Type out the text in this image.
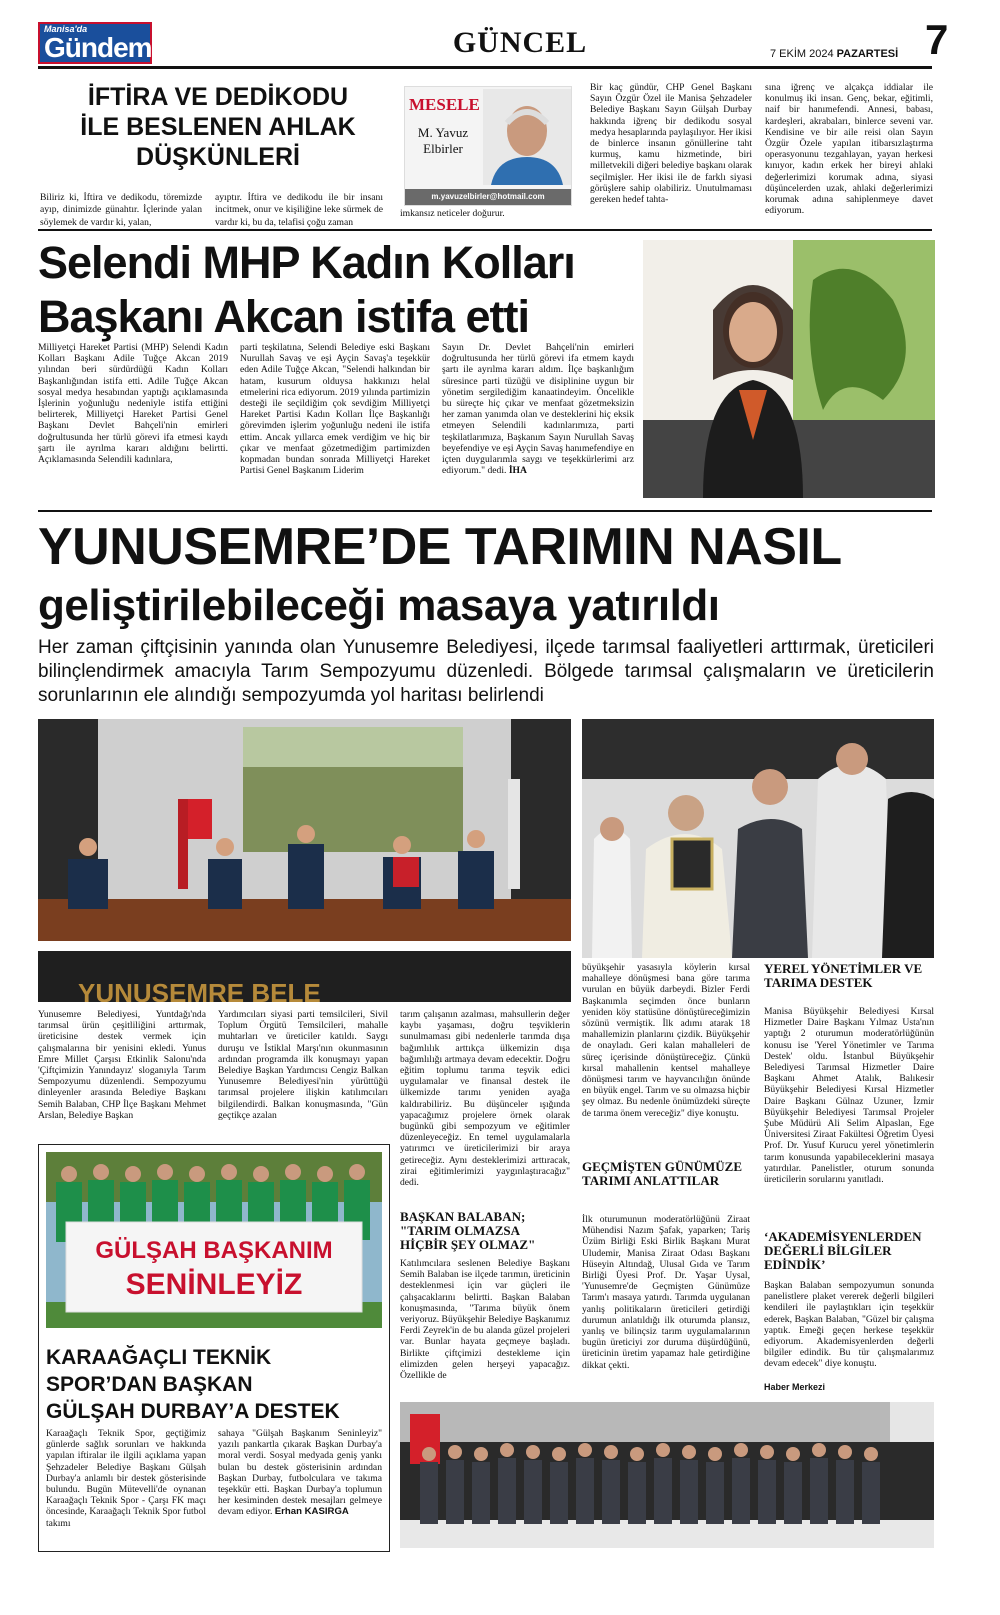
Manisa'da
Gündem	GÜNCEL	7 EKİM 2024 PAZARTESİ 7
İFTİRA VE DEDİKODU
İLE BESLENEN AHLAK
DÜŞKÜNLERİ
Biliriz ki, İftira ve dedikodu, töremizde ayıp, dinimizde günahtır. İçlerinde yalan söylemek de vardır ki, yalan,
ayıptır. İftira ve dedikodu ile bir insanı incitmek, onur ve kişiliğine leke sürmek de vardır ki, bu da, telafisi çoğu zaman
MESELE
M. Yavuz
Elbirler
m.yavuzelbirler@hotmail.com
imkansız neticeler doğurur.
Bir kaç gündür, CHP Genel Başkanı Sayın Özgür Özel ile Manisa Şehzadeler Belediye Başkanı Sayın Gülşah Durbay hakkında iğrenç bir dedikodu sosyal medya hesaplarında paylaşılıyor. Her ikisi de binlerce insanın gönüllerine taht kurmuş, kamu hizmetinde, biri milletvekili diğeri belediye başkanı olarak seçilmişler. Her ikisi ile de farklı siyasi görüşlere sahip olabiliriz. Unutulmaması gereken hedef tahta-
sına iğrenç ve alçakça iddialar ile konulmuş iki insan. Genç, bekar, eğitimli, naif bir hanımefendi. Annesi, babası, kardeşleri, akrabaları, binlerce seveni var. Kendisine ve bir aile reisi olan Sayın Özgür Özele yapılan itibarsızlaştırma operasyonunu tezgahlayan, yayan herkesi kınıyor, kadın erkek her bireyi ahlaki değerlerimizi korumak adına, siyasi düşüncelerden uzak, ahlaki değerlerimizi korumak adına sahiplenmeye davet ediyorum.
Selendi MHP Kadın Kolları
Başkanı Akcan istifa etti
Milliyetçi Hareket Partisi (MHP) Selendi Kadın Kolları Başkanı Adile Tuğçe Akcan 2019 yılından beri sürdürdüğü Kadın Kolları Başkanlığından istifa etti. Adile Tuğçe Akcan sosyal medya hesabından yaptığı açıklamasında İşlerinin yoğunluğu nedeniyle istifa ettiğini belirterek, Milliyetçi Hareket Partisi Genel Başkanı Devlet Bahçeli'nin emirleri doğrultusunda her türlü görevi ifa etmesi kaydı şartı ile ayrılma kararı aldığını belirtti. Açıklamasında Selendili kadınlara,
parti teşkilatına, Selendi Belediye eski Başkanı Nurullah Savaş ve eşi Ayçin Savaş'a teşekkür eden Adile Tuğçe Akcan, "Selendi halkından bir hatam, kusurum olduysa hakkınızı helal etmelerini rica ediyorum. 2019 yılında partimizin desteği ile seçildiğim çok sevdiğim Milliyetçi Hareket Partisi Kadın Kolları İlçe Başkanlığı görevimden işlerim yoğunluğu nedeni ile istifa ettim. Ancak yıllarca emek verdiğim ve hiç bir çıkar ve menfaat gözetmediğim partimizden kopmadan bundan sonrada Milliyetçi Hareket Partisi Genel Başkanım Liderim
Sayın Dr. Devlet Bahçeli'nin emirleri doğrultusunda her türlü görevi ifa etmem kaydı şartı ile ayrılma kararı aldım. İlçe başkanlığım süresince parti tüzüğü ve disiplinine uygun bir yönetim sergilediğim kanaatindeyim. Öncelikle bu süreçte hiç çıkar ve menfaat gözetmeksizin her zaman yanımda olan ve desteklerini hiç eksik etmeyen Selendili kadınlarımıza, parti teşkilatlarımıza, Başkanım Sayın Nurullah Savaş beyefendiye ve eşi Ayçin Savaş hanımefendiye en içten duygularımla saygı ve teşekkürlerimi arz ediyorum." dedi. İHA
YUNUSEMRE’DE TARIMIN NASIL
geliştirilebileceği masaya yatırıldı
Her zaman çiftçisinin yanında olan Yunusemre Belediyesi, ilçede tarımsal faaliyetleri arttırmak, üreticileri bilinçlendirmek amacıyla Tarım Sempozyumu düzenledi. Bölgede tarımsal çalışmaların ve üreticilerin sorunlarının ele alındığı sempozyumda yol haritası belirlendi
YUNUSEMRE BELE
Yunusemre Belediyesi, Yuntdağı'nda tarımsal ürün çeşitliliğini arttırmak, üreticisine destek vermek için çalışmalarına bir yenisini ekledi. Yunus Emre Millet Çarşısı Etkinlik Salonu'nda 'Çiftçimizin Yanındayız' sloganıyla Tarım Sempozyumu düzenlendi. Sempozyumu dinleyenler arasında Belediye Başkanı Semih Balaban, CHP İlçe Başkanı Mehmet Arslan, Belediye Başkan
Yardımcıları siyasi parti temsilcileri, Sivil Toplum Örgütü Temsilcileri, mahalle muhtarları ve üreticiler katıldı. Saygı duruşu ve İstiklal Marşı'nın okunmasının ardından programda ilk konuşmayı yapan Belediye Başkan Yardımcısı Cengiz Balkan Yunusemre Belediyesi'nin yürüttüğü tarımsal projelere ilişkin katılımcıları bilgilendirdi. Balkan konuşmasında, "Gün geçtikçe azalan
tarım çalışanın azalması, mahsullerin değer kaybı yaşaması, doğru teşviklerin sunulmaması gibi nedenlerle tarımda dışa bağımlılık arttıkça ülkemizin dışa bağımlılığı artmaya devam edecektir. Doğru eğitim toplumu tarıma teşvik edici uygulamalar ve finansal destek ile ülkemizde tarımı yeniden ayağa kaldırabiliriz. Bu düşünceler ışığında yapacağımız projelere örnek olarak bugünkü gibi sempozyum ve eğitimler düzenleyeceğiz. En temel uygulamalarla yatırımcı ve üreticilerimizi bir araya getireceğiz. Aynı desteklerimizi arttıracak, zirai eğitimlerimizi yaygınlaştıracağız" dedi.
BAŞKAN BALABAN; "TARIM OLMAZSA HİÇBİR ŞEY OLMAZ"
Katılımcılara seslenen Belediye Başkanı Semih Balaban ise ilçede tarımın, üreticinin desteklenmesi için var güçleri ile çalışacaklarını belirtti. Başkan Balaban konuşmasında, "Tarıma büyük önem veriyoruz. Büyükşehir Belediye Başkanımız Ferdi Zeyrek'in de bu alanda güzel projeleri var. Bunlar hayata geçmeye başladı. Birlikte çiftçimizi destekleme için elimizden gelen herşeyi yapacağız. Özellikle de
büyükşehir yasasıyla köylerin kırsal mahalleye dönüşmesi bana göre tarıma vurulan en büyük darbeydi. Bizler Ferdi Başkanımla seçimden önce bunların yeniden köy statüsüne dönüştüreceğimizin sözünü vermiştik. İlk adımı atarak 18 mahallemizin planlarını çizdik. Büyükşehir de onayladı. Geri kalan mahalleleri de süreç içerisinde dönüştüreceğiz. Çünkü kırsal mahallenin kentsel mahalleye dönüşmesi tarım ve hayvancılığın önünde en büyük engel. Tarım ve su olmazsa hiçbir şey olmaz. Bu nedenle önümüzdeki süreçte de tarıma önem vereceğiz" diye konuştu.
GEÇMİŞTEN GÜNÜMÜZE TARIMI ANLATTILAR
İlk oturumunun moderatörlüğünü Ziraat Mühendisi Nazım Şafak, yaparken; Tariş Üzüm Birliği Eski Birlik Başkanı Murat Uludemir, Manisa Ziraat Odası Başkanı Hüseyin Altındağ, Ulusal Gıda ve Tarım Birliği Üyesi Prof. Dr. Yaşar Uysal, 'Yunusemre'de Geçmişten Günümüze Tarım'ı masaya yatırdı. Tarımda uygulanan yanlış politikaların üreticileri getirdiği durumun anlatıldığı ilk oturumda plansız, yanlış ve bilinçsiz tarım uygulamalarının bugün üreticiyi zor duruma düşürdüğünü, üreticinin üretim yapamaz hale getirdiğine dikkat çekti.
YEREL YÖNETİMLER VE TARIMA DESTEK
Manisa Büyükşehir Belediyesi Kırsal Hizmetler Daire Başkanı Yılmaz Usta'nın yaptığı 2 oturumun moderatörlüğünün konusu ise 'Yerel Yönetimler ve Tarıma Destek' oldu. İstanbul Büyükşehir Belediyesi Tarımsal Hizmetler Daire Başkanı Ahmet Atalık, Balıkesir Büyükşehir Belediyesi Kırsal Hizmetler Daire Başkanı Gülnaz Uzuner, İzmir Büyükşehir Belediyesi Tarımsal Projeler Şube Müdürü Ali Selim Alpaslan, Ege Üniversitesi Ziraat Fakültesi Öğretim Üyesi Prof. Dr. Yusuf Kurucu yerel yönetimlerin tarım konusunda yapabileceklerini masaya yatırdılar. Panelistler, oturum sonunda üreticilerin sorularını yanıtladı.
‘AKADEMİSYENLERDEN DEĞERLİ BİLGİLER EDİNDİK’
Başkan Balaban sempozyumun sonunda panelistlere plaket vererek değerli bilgileri kendileri ile paylaştıkları için teşekkür ederek, Başkan Balaban, "Güzel bir çalışma yaptık. Emeği geçen herkese teşekkür ediyorum. Akademisyenlerden değerli bilgiler edindik. Bu tür çalışmalarımız devam edecek" diye konuştu.
Haber Merkezi
GÜLŞAH BAŞKANIM
SENİNLEYİZ
KARAAĞAÇLI TEKNİK
SPOR’DAN BAŞKAN
GÜLŞAH DURBAY’A DESTEK
Karaağaçlı Teknik Spor, geçtiğimiz günlerde sağlık sorunları ve hakkında yapılan iftiralar ile ilgili açıklama yapan Şehzadeler Belediye Başkanı Gülşah Durbay'a anlamlı bir destek gösterisinde bulundu. Bugün Mütevelli'de oynanan Karaağaçlı Teknik Spor - Çarşı FK maçı öncesinde, Karaağaçlı Teknik Spor futbol takımı
sahaya "Gülşah Başkanım Seninleyiz" yazılı pankartla çıkarak Başkan Durbay'a moral verdi. Sosyal medyada geniş yankı bulan bu destek gösterisinin ardından Başkan Durbay, futbolculara ve takıma teşekkür etti. Başkan Durbay'a toplumun her kesiminden destek mesajları gelmeye devam ediyor. Erhan KASIRGA
